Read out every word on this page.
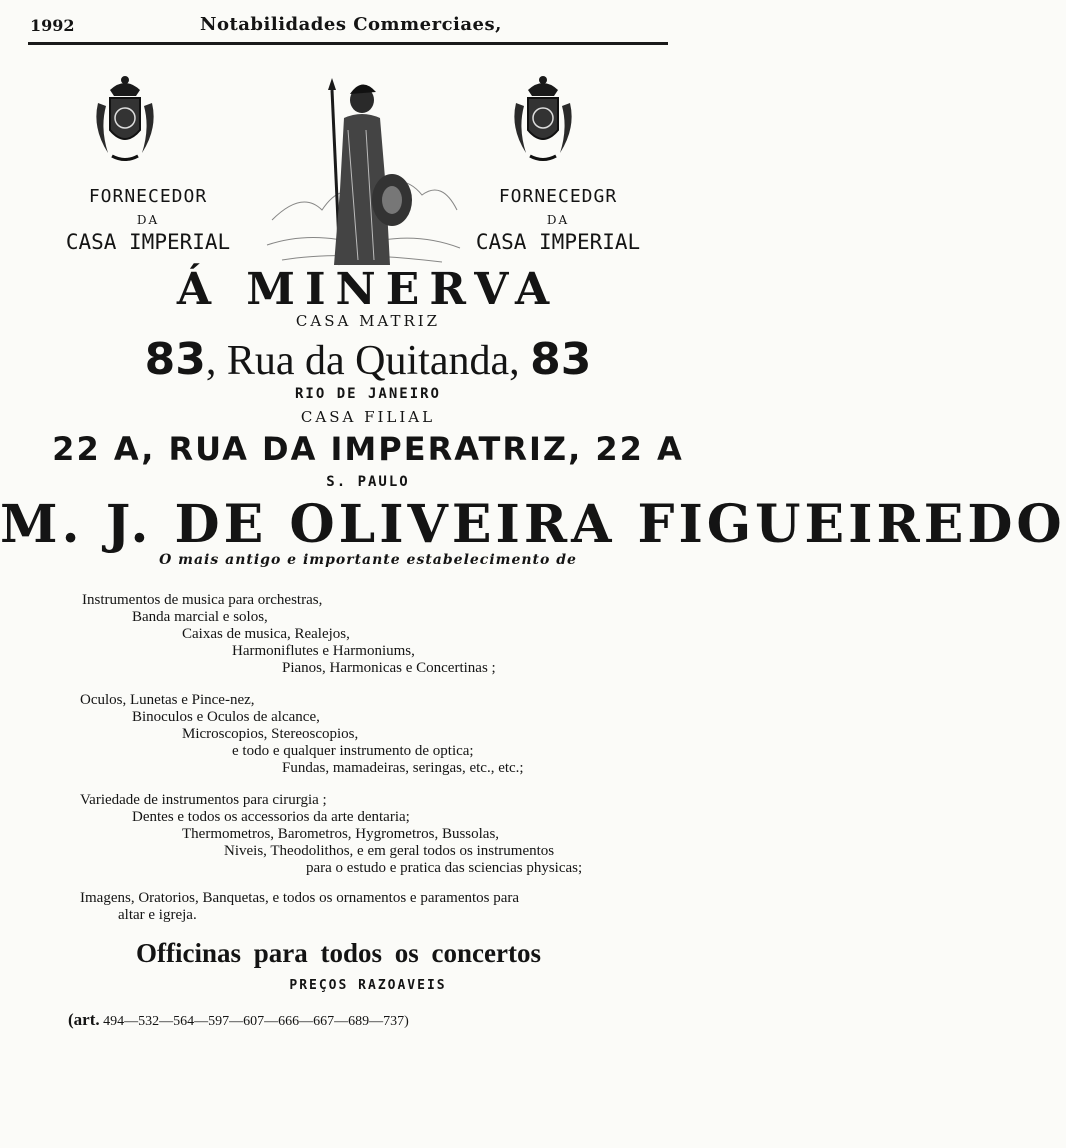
1992	Notabilidades Commerciaes,
FORNECEDOR
DA
CASA IMPERIAL
FORNECEDGR
DA
CASA IMPERIAL
Á MINERVA
CASA MATRIZ
83, Rua da Quitanda, 83
RIO DE JANEIRO
CASA FILIAL
22 A, RUA DA IMPERATRIZ, 22 A
S. PAULO
M. J. DE OLIVEIRA FIGUEIREDO
O mais antigo e importante estabelecimento de
Instrumentos de musica para orchestras,
Banda marcial e solos,
Caixas de musica, Realejos,
Harmoniflutes e Harmoniums,
Pianos, Harmonicas e Concertinas ;
Oculos, Lunetas e Pince-nez,
Binoculos e Oculos de alcance,
Microscopios, Stereoscopios,
e todo e qualquer instrumento de optica;
Fundas, mamadeiras, seringas, etc., etc.;
Variedade de instrumentos para cirurgia ;
Dentes e todos os accessorios da arte dentaria;
Thermometros, Barometros, Hygrometros, Bussolas,
Niveis, Theodolithos, e em geral todos os instrumentos
para o estudo e pratica das sciencias physicas;
Imagens, Oratorios, Banquetas, e todos os ornamentos e paramentos para
altar e igreja.
Officinas para todos os concertos
PREÇOS RAZOAVEIS
(art. 494—532—564—597—607—666—667—689—737)
